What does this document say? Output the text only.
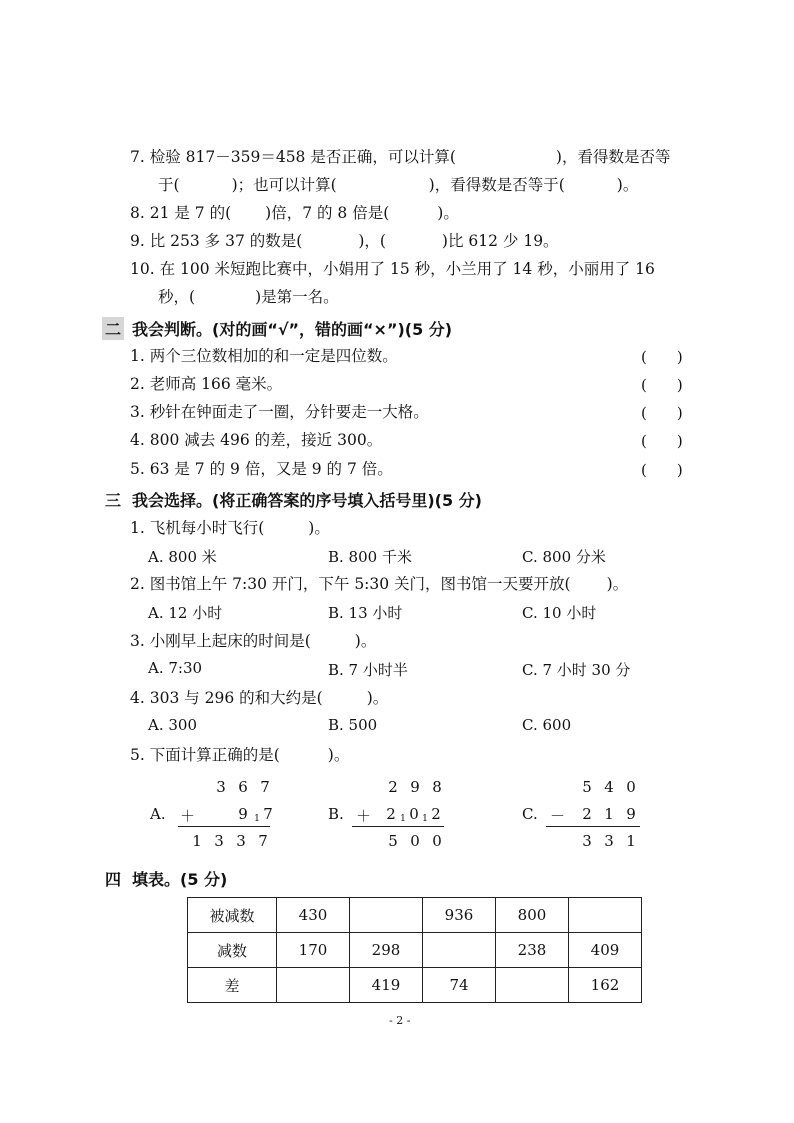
7. 检验 817－359＝458 是否正确，可以计算(	)，看得数是否等
于(	)；也可以计算(	)，看得数是否等于(	)。
8. 21 是 7 的( )倍，7 的 8 倍是(	)。
9. 比 253 多 37 的数是(	)，(	)比 612 少 19。
10. 在 100 米短跑比赛中，小娟用了 15 秒，小兰用了 14 秒，小丽用了 16
秒，(	)是第一名。
二 我会判断。(对的画“√”，错的画“×”)(5 分)
1. 两个三位数相加的和一定是四位数。	(　　)
2. 老师高 166 毫米。	(　　)
3. 秒针在钟面走了一圈，分针要走一大格。	(　　)
4. 800 减去 496 的差，接近 300。	(　　)
5. 63 是 7 的 9 倍，又是 9 的 7 倍。	(　　)
三 我会选择。(将正确答案的序号填入括号里)(5 分)
1. 飞机每小时飞行(	)。
A. 800 米	B. 800 千米	C. 800 分米
2. 图书馆上午 7:30 开门，下午 5:30 关门，图书馆一天要开放( )。
A. 12 小时	B. 13 小时	C. 10 小时
3. 小刚早上起床的时间是(	)。
A. 7:30	B. 7 小时半	C. 7 小时 30 分
4. 303 与 296 的和大约是(	)。
A. 300	B. 500	C. 600
5. 下面计算正确的是(	)。
3 6 7
A. ＋	9 1 7
1 3 3 7
2 9 8
B. ＋ 2 1 0 1 2
5 0 0
5 4 0
C. －	2 1 9
3 3 1
四 填表。(5 分)
被减数	430		936	800	
减数	170	298		238	409
差		419	74		162
- 2 -
